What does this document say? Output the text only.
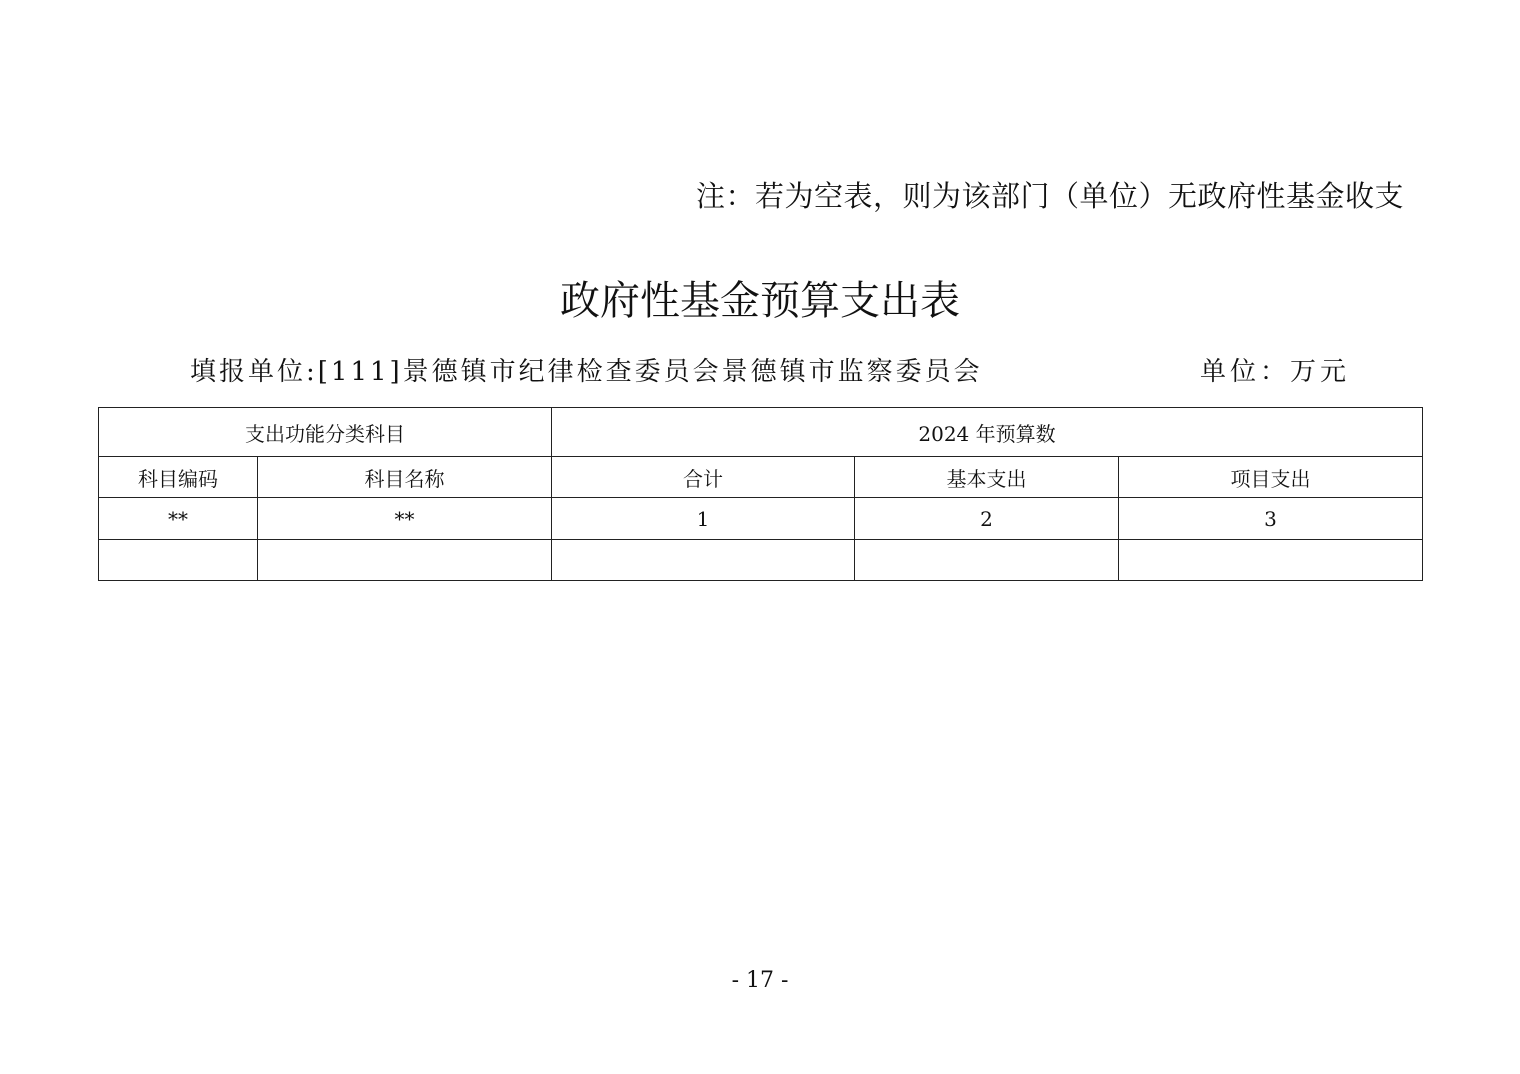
注：若为空表，则为该部门（单位）无政府性基金收支
政府性基金预算支出表
填报单位:[111]景德镇市纪律检查委员会景德镇市监察委员会	单位：万元
支出功能分类科目		2024 年预算数		
科目编码	科目名称	合计	基本支出	项目支出
**	**	1	2	3

- 17 -
